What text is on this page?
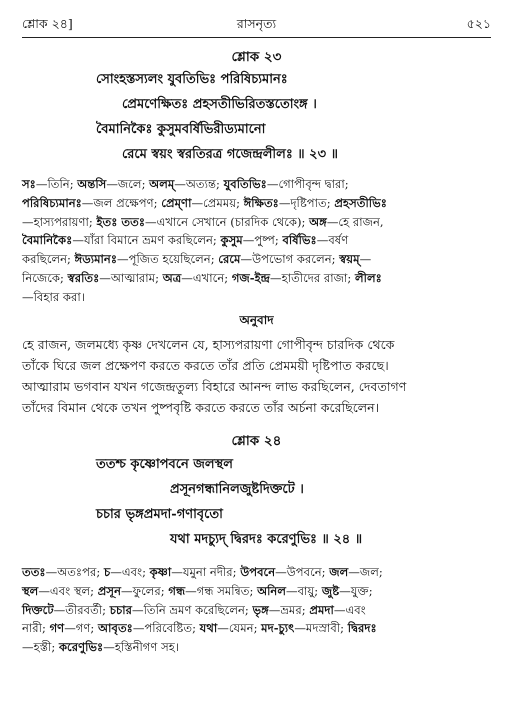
শ্লোক ২৪]	রাসনৃত্য	৫২১
শ্লোক ২৩
সোংহস্তস্যলং যুবতিভিঃ পরিষিচ্যমানঃ
প্রেমণেক্ষিতঃ প্রহসতীভিরিতস্ততোংঙ্গ ।
বৈমানিকৈঃ কুসুমবর্ষিভিরীড্যমানো
রেমে স্বয়ং স্বরতিরত্র গজেন্দ্রলীলঃ ॥ ২৩ ॥
সঃ—তিনি; অন্তসি—জলে; অলম্—অত্যন্ত; যুবতিভিঃ—গোপীবৃন্দ দ্বারা;
পরিষিচ্যমানঃ—জল প্রক্ষেপণ; প্রেম্ণা—প্রেমময়; ঈক্ষিতঃ—দৃষ্টিপাত; প্রহসতীভিঃ
—হাস্যপরায়ণা; ইতঃ ততঃ—এখানে সেখানে (চারদিক থেকে); অঙ্গ—হে রাজন,
বৈমানিকৈঃ—যাঁরা বিমানে ভ্রমণ করছিলেন; কুসুম—পুষ্প; বর্ষিভিঃ—বর্ষণ
করছিলেন; ঈড্যমানঃ—পূজিত হয়েছিলেন; রেমে—উপভোগ করলেন; স্বয়ম্—
নিজেকে; স্বরতিঃ—আত্মারাম; অত্র—এখানে; গজ-ইন্দ্র—হাতীদের রাজা; লীলঃ
—বিহার করা।
অনুবাদ
হে রাজন, জলমধ্যে কৃষ্ণ দেখলেন যে, হাস্যপরায়ণা গোপীবৃন্দ চারদিক থেকে
তাঁকে ঘিরে জল প্রক্ষেপণ করতে করতে তাঁর প্রতি প্রেমময়ী দৃষ্টিপাত করছে।
আত্মারাম ভগবান যখন গজেন্দ্রতুল্য বিহারে আনন্দ লাভ করছিলেন, দেবতাগণ
তাঁদের বিমান থেকে তখন পুষ্পবৃষ্টি করতে করতে তাঁর অর্চনা করেছিলেন।
শ্লোক ২৪
ততশ্চ কৃষ্ণোপবনে জলস্থল
প্রসূনগন্ধানিলজুষ্টদিক্তটে ।
চচার ভৃঙ্গপ্রমদা-গণাবৃতো
যথা মদচ্যুদ্ দ্বিরদঃ করেণুভিঃ ॥ ২৪ ॥
ততঃ—অতঃপর; চ—এবং; কৃষ্ণা—যমুনা নদীর; উপবনে—উপবনে; জল—জল;
স্থল—এবং স্থল; প্রসূন—ফুলের; গন্ধ—গন্ধ সমন্বিত; অনিল—বায়ু; জুষ্ট—যুক্ত;
দিক্তটে—তীরবর্তী; চচার—তিনি ভ্রমণ করেছিলেন; ভৃঙ্গ—ভ্রমর; প্রমদা—এবং
নারী; গণ—গণ; আবৃতঃ—পরিবেষ্টিত; যথা—যেমন; মদ-চ্যুৎ—মদস্রাবী; দ্বিরদঃ
—হস্তী; করেণুভিঃ—হস্তিনীগণ সহ।
